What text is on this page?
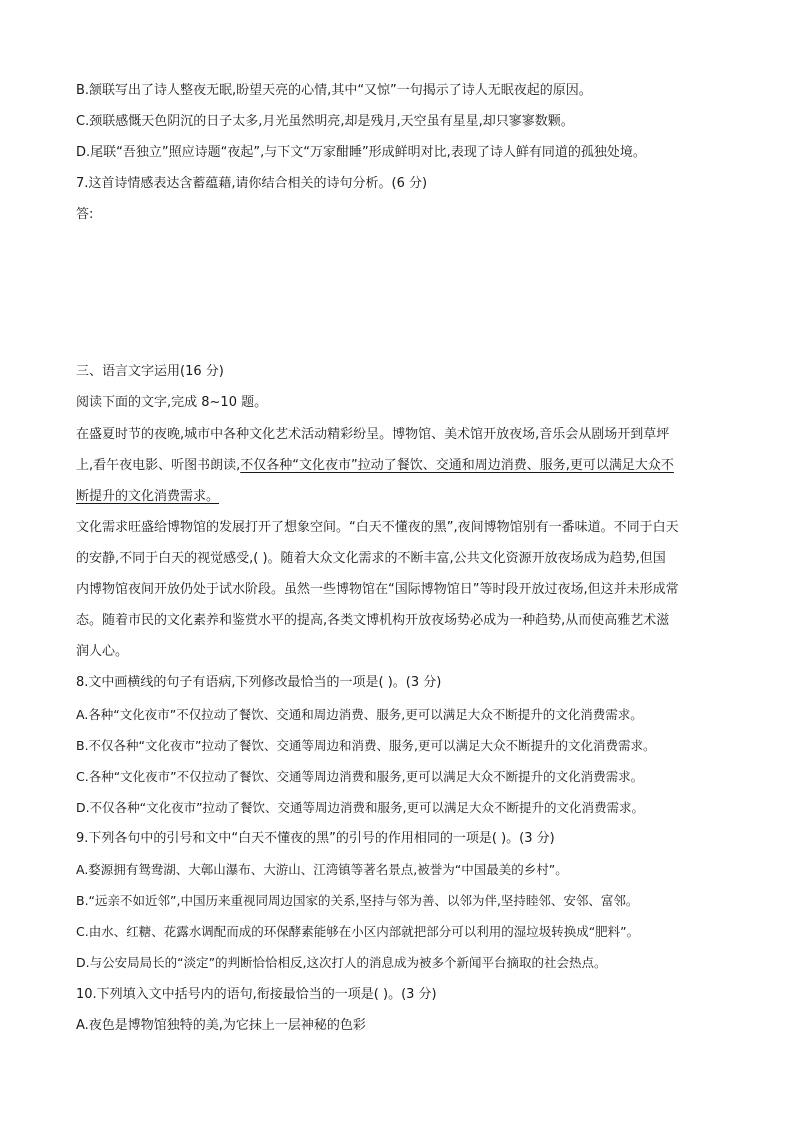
B.颔联写出了诗人整夜无眠,盼望天亮的心情,其中“又惊”一句揭示了诗人无眠夜起的原因。
C.颈联感慨天色阴沉的日子太多,月光虽然明亮,却是残月,天空虽有星星,却只寥寥数颗。
D.尾联“吾独立”照应诗题“夜起”,与下文“万家酣睡”形成鲜明对比,表现了诗人鲜有同道的孤独处境。
7.这首诗情感表达含蓄蕴藉,请你结合相关的诗句分析。(6 分)
答:
三、语言文字运用(16 分)
阅读下面的文字,完成 8~10 题。
在盛夏时节的夜晚,城市中各种文化艺术活动精彩纷呈。博物馆、美术馆开放夜场,音乐会从剧场开到草坪
上,看午夜电影、听图书朗读,不仅各种“文化夜市”拉动了餐饮、交通和周边消费、服务,更可以满足大众不
断提升的文化消费需求。
文化需求旺盛给博物馆的发展打开了想象空间。“白天不懂夜的黑”,夜间博物馆别有一番味道。不同于白天
的安静,不同于白天的视觉感受,( )。随着大众文化需求的不断丰富,公共文化资源开放夜场成为趋势,但国
内博物馆夜间开放仍处于试水阶段。虽然一些博物馆在“国际博物馆日”等时段开放过夜场,但这并未形成常
态。随着市民的文化素养和鉴赏水平的提高,各类文博机构开放夜场势必成为一种趋势,从而使高雅艺术滋
润人心。
8.文中画横线的句子有语病,下列修改最恰当的一项是( )。(3 分)
A.各种“文化夜市”不仅拉动了餐饮、交通和周边消费、服务,更可以满足大众不断提升的文化消费需求。
B.不仅各种“文化夜市”拉动了餐饮、交通等周边和消费、服务,更可以满足大众不断提升的文化消费需求。
C.各种“文化夜市”不仅拉动了餐饮、交通等周边消费和服务,更可以满足大众不断提升的文化消费需求。
D.不仅各种“文化夜市”拉动了餐饮、交通等周边消费和服务,更可以满足大众不断提升的文化消费需求。
9.下列各句中的引号和文中“白天不懂夜的黑”的引号的作用相同的一项是( )。(3 分)
A.婺源拥有鸳鸯湖、大鄣山瀑布、大游山、江湾镇等著名景点,被誉为“中国最美的乡村”。
B.“远亲不如近邻”,中国历来重视同周边国家的关系,坚持与邻为善、以邻为伴,坚持睦邻、安邻、富邻。
C.由水、红糖、花露水调配而成的环保酵素能够在小区内部就把部分可以利用的湿垃圾转换成“肥料”。
D.与公安局局长的“淡定”的判断恰恰相反,这次打人的消息成为被多个新闻平台摘取的社会热点。
10.下列填入文中括号内的语句,衔接最恰当的一项是( )。(3 分)
A.夜色是博物馆独特的美,为它抹上一层神秘的色彩
